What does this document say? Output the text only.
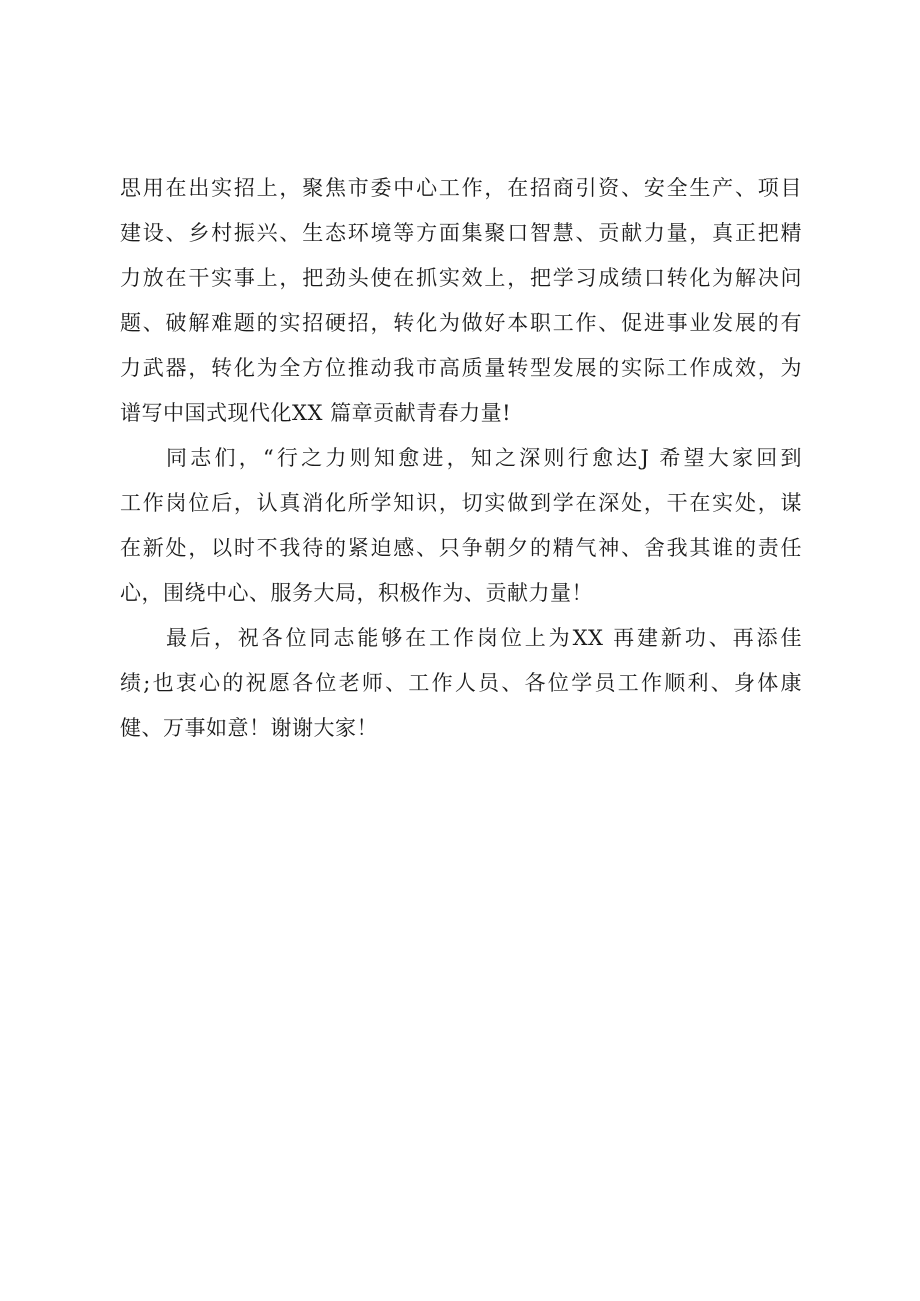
思用在出实招上，聚焦市委中心工作，在招商引资、安全生产、项目
建设、乡村振兴、生态环境等方面集聚口智慧、贡献力量，真正把精
力放在干实事上，把劲头使在抓实效上，把学习成绩口转化为解决问
题、破解难题的实招硬招，转化为做好本职工作、促进事业发展的有
力武器，转化为全方位推动我市高质量转型发展的实际工作成效，为
谱写中国式现代化XX 篇章贡献青春力量!
同志们，“行之力则知愈进，知之深则行愈达J 希望大家回到
工作岗位后，认真消化所学知识，切实做到学在深处，干在实处，谋
在新处，以时不我待的紧迫感、只争朝夕的精气神、舍我其谁的责任
心，围绕中心、服务大局，积极作为、贡献力量！
最后，祝各位同志能够在工作岗位上为XX 再建新功、再添佳
绩;也衷心的祝愿各位老师、工作人员、各位学员工作顺利、身体康
健、万事如意！谢谢大家！
